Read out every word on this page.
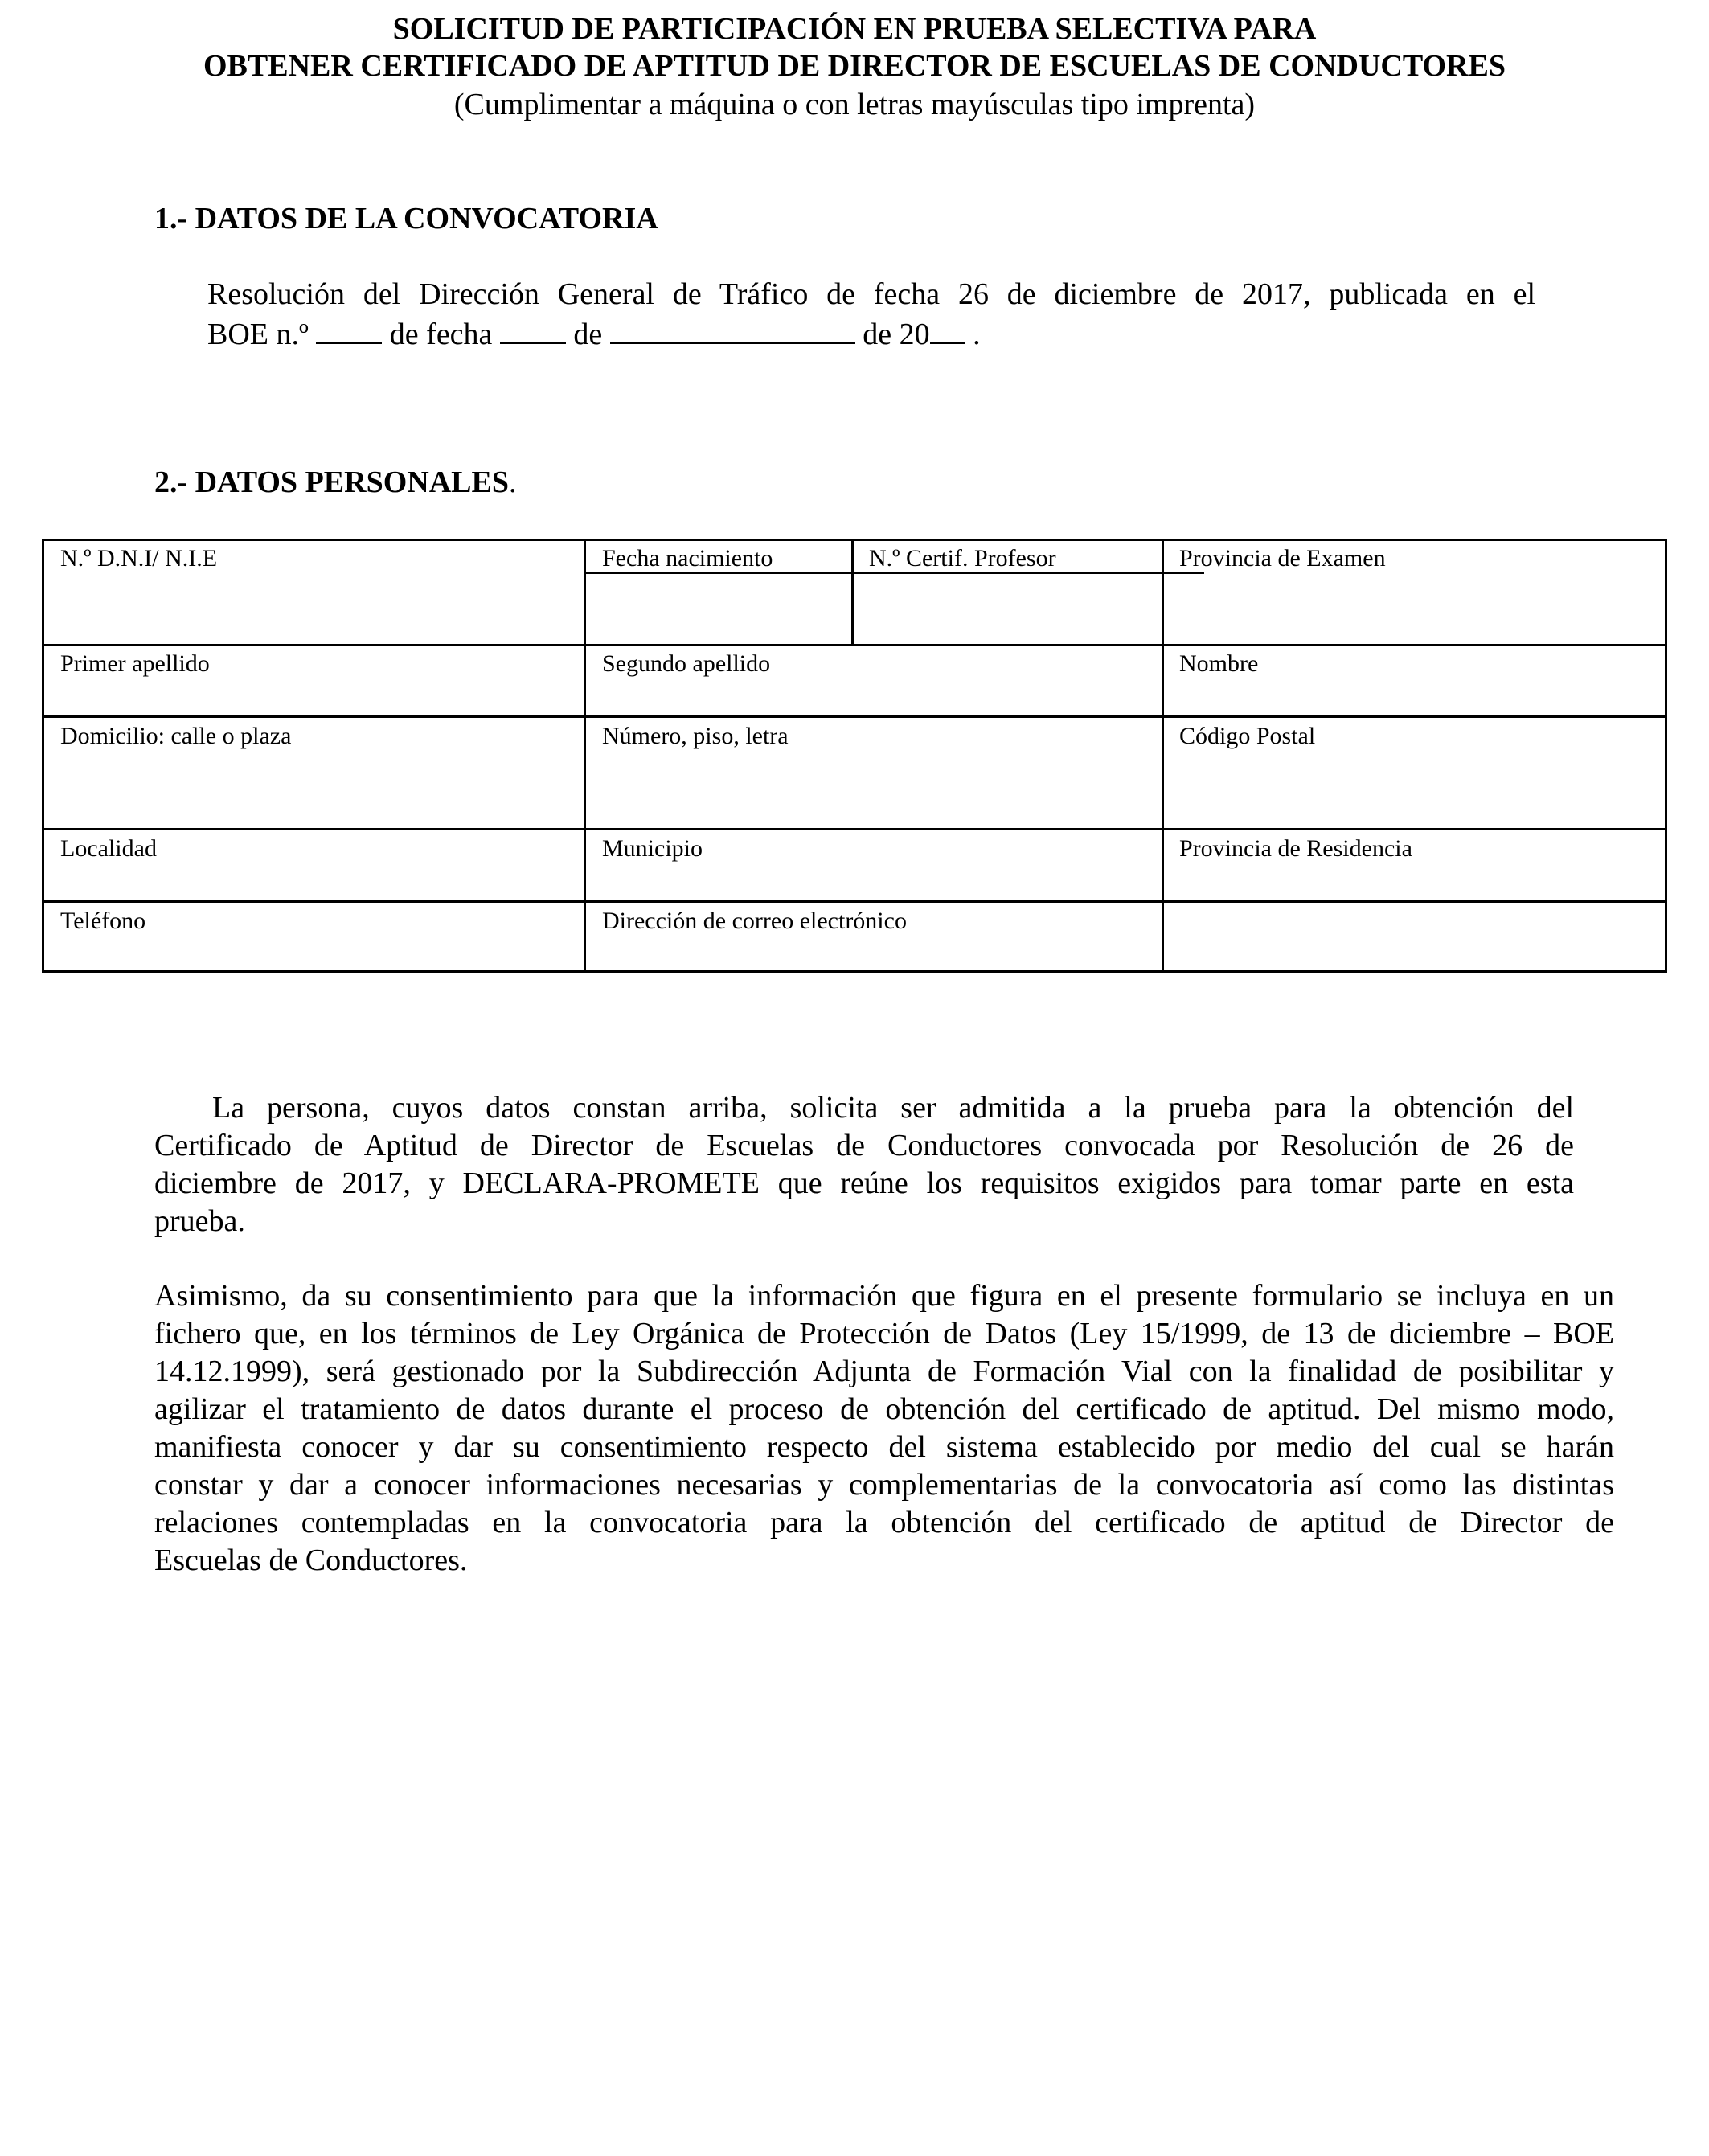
SOLICITUD DE PARTICIPACIÓN EN PRUEBA SELECTIVA PARA
OBTENER CERTIFICADO DE APTITUD DE DIRECTOR DE ESCUELAS DE CONDUCTORES
(Cumplimentar a máquina o con letras mayúsculas tipo imprenta)
1.- DATOS DE LA CONVOCATORIA
Resolución del Dirección General de Tráfico de fecha 26 de diciembre de 2017, publicada en el
BOE n.º	de fecha	de	de 20 .
2.- DATOS PERSONALES.
N.º D.N.I/ N.I.E	Fecha nacimiento	N.º Certif. Profesor	Provincia de Examen
Primer apellido	Segundo apellido	Nombre
Domicilio: calle o plaza	Número, piso, letra	Código Postal
Localidad	Municipio	Provincia de Residencia
Teléfono	Dirección de correo electrónico
La persona, cuyos datos constan arriba, solicita ser admitida a la prueba para la obtención del
Certificado de Aptitud de Director de Escuelas de Conductores convocada por Resolución de 26 de
diciembre de 2017, y DECLARA-PROMETE que reúne los requisitos exigidos para tomar parte en esta
prueba.
Asimismo, da su consentimiento para que la información que figura en el presente formulario se incluya en un
fichero que, en los términos de Ley Orgánica de Protección de Datos (Ley 15/1999, de 13 de diciembre – BOE
14.12.1999), será gestionado por la Subdirección Adjunta de Formación Vial con la finalidad de posibilitar y
agilizar el tratamiento de datos durante el proceso de obtención del certificado de aptitud. Del mismo modo,
manifiesta conocer y dar su consentimiento respecto del sistema establecido por medio del cual se harán
constar y dar a conocer informaciones necesarias y complementarias de la convocatoria así como las distintas
relaciones contempladas en la convocatoria para la obtención del certificado de aptitud de Director de
Escuelas de Conductores.
